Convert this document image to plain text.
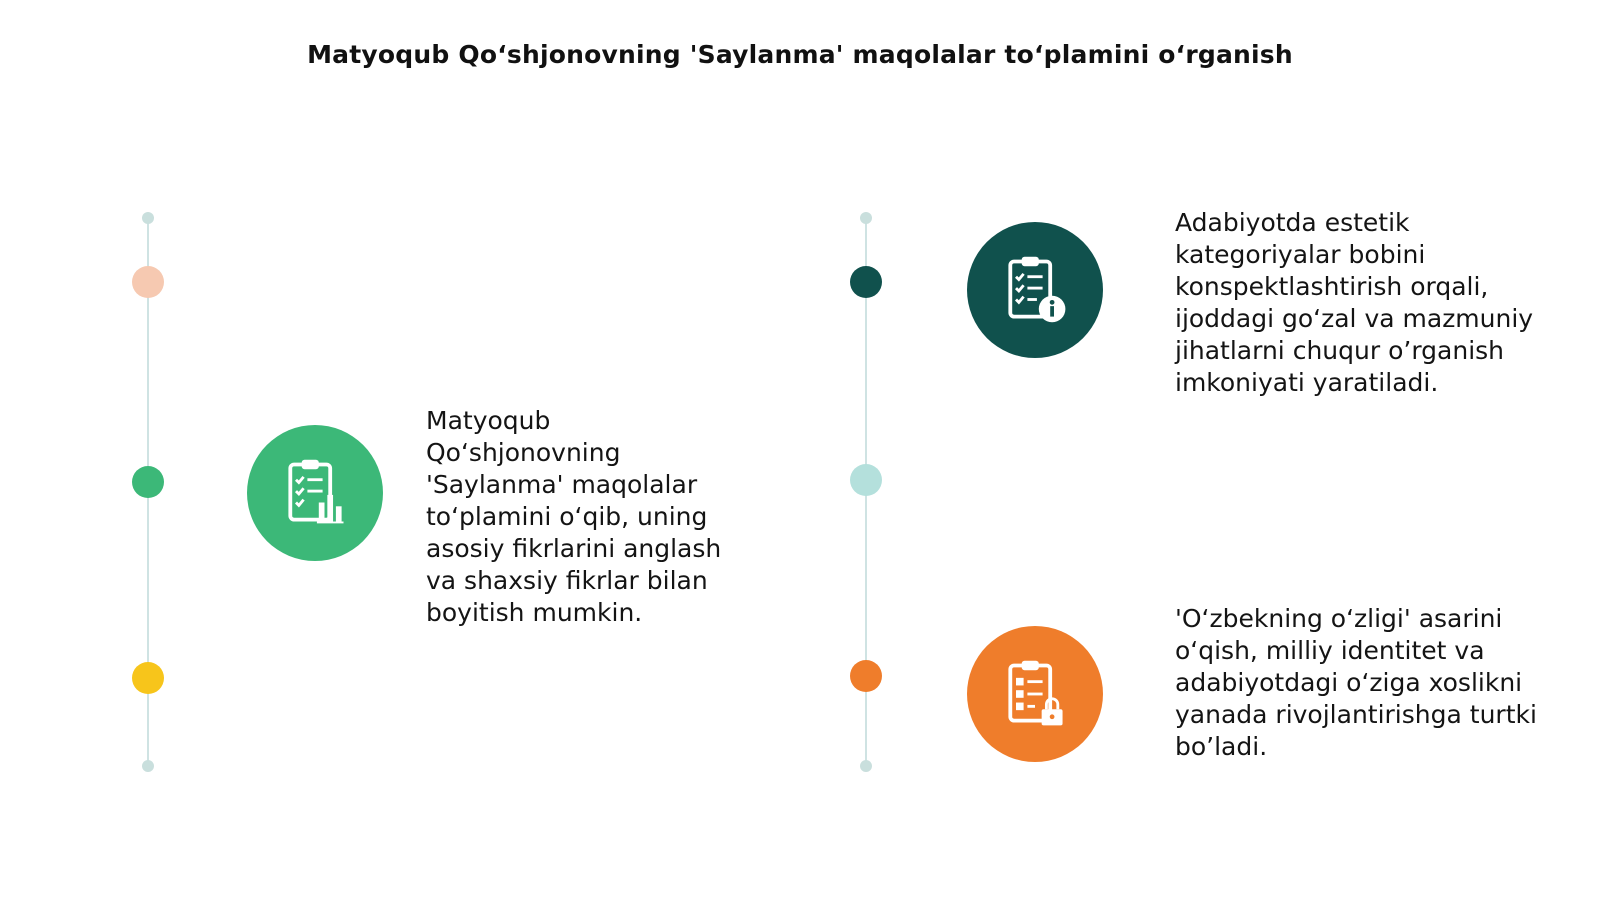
Matyoqub Qo‘shjonovning 'Saylanma' maqolalar to‘plamini o‘rganish
Matyoqub Qo‘shjonovning 'Saylanma' maqolalar to‘plamini o‘qib, uning asosiy fikrlarini anglash va shaxsiy fikrlar bilan boyitish mumkin.
Adabiyotda estetik kategoriyalar bobini konspektlashtirish orqali, ijoddagi go‘zal va mazmuniy jihatlarni chuqur o’rganish imkoniyati yaratiladi.
'O‘zbekning o‘zligi' asarini o‘qish, milliy identitet va adabiyotdagi o‘ziga xoslikni yanada rivojlantirishga turtki bo’ladi.
